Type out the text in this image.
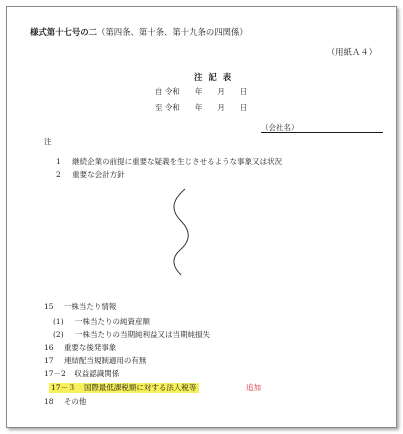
様式第十七号の二（第四条、第十条、第十九条の四関係）
（用紙Ａ４）
注記表
自 令和　　年　　月　　日
至 令和　　年　　月　　日
（会社名）
注
1 継続企業の前提に重要な疑義を生じさせるような事象又は状況
2 重要な会計方針
15 一株当たり情報
(1) 一株当たりの純資産額
(2) 一株当たりの当期純利益又は当期純損失
16 重要な後発事象
17 連結配当規制適用の有無
17－2 収益認識関係
17－３ 国際最低課税額に対する法人税等	追加
18 その他
